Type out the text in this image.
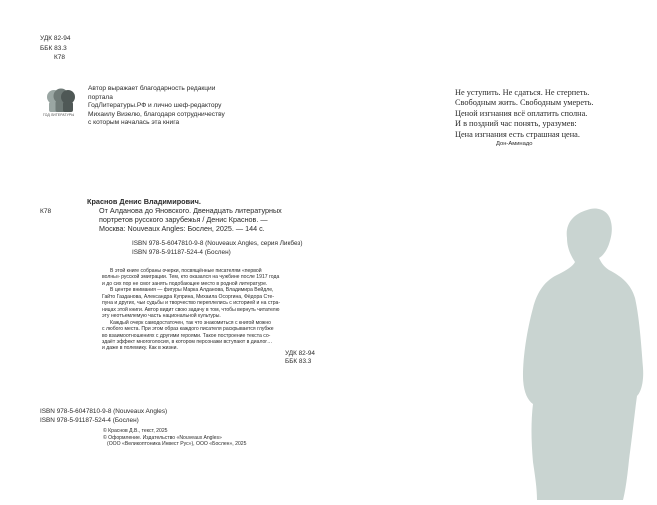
УДК 82-94
ББК 83.3
К78
ГОД ЛИТЕРАТУРЫ
Автор выражает благодарность редакции портала
ГодЛитературы.РФ и лично шеф-редактору
Михаилу Визелю, благодаря сотрудничеству
с которым началась эта книга
Не уступить. Не сдаться. Не стерпеть.
Свободным жить. Свободным умереть.
Ценой изгнания всё оплатить сполна.
И в поздний час понять, уразумев:
Цена изгнания есть страшная цена.
Дон-Аминадо
К78
Краснов Денис Владимирович.
От Алданова до Яновского. Двенадцать литературных
портретов русского зарубежья / Денис Краснов. —
Москва: Nouveaux Angles: Бослен, 2025. — 144 с.
ISBN 978-5-6047810-9-8 (Nouveaux Angles, серия Ликбез)
ISBN 978-5-91187-524-4 (Бослен)

В этой книге собраны очерки, посвящённые писателям «первой
волны» русской эмиграции. Тем, кто оказался на чужбине после 1917 года
и до сих пор не смог занять подобающее место в родной литературе.
В центре внимания — фигуры Марка Алданова, Владимира Вейдле,
Гайто Газданова, Александра Куприна, Михаила Осоргина, Фёдора Сте-
пуна и других, чьи судьбы и творчество переплелись с историей и на стра-
ницах этой книги. Автор видит свою задачу в том, чтобы вернуть читателю
эту неотъемлемую часть национальной культуры.

Каждый очерк самодостаточен, так что знакомиться с книгой можно
с любого места. При этом образ каждого писателя раскрывается глубже
во взаимоотношениях с другими героями. Такое построение текста со-
здаёт эффект многоголосия, в котором персонажи вступают в диалог…
и даже в полемику. Как в жизни.

УДК 82-94
ББК 83.3
ISBN 978-5-6047810-9-8 (Nouveaux Angles)
ISBN 978-5-91187-524-4 (Бослен)
© Краснов Д.В., текст, 2025
© Оформление. Издательство «Nouveaux Angles»
(ООО «Великоптоника Инвест Рус»), ООО «Бослен», 2025
